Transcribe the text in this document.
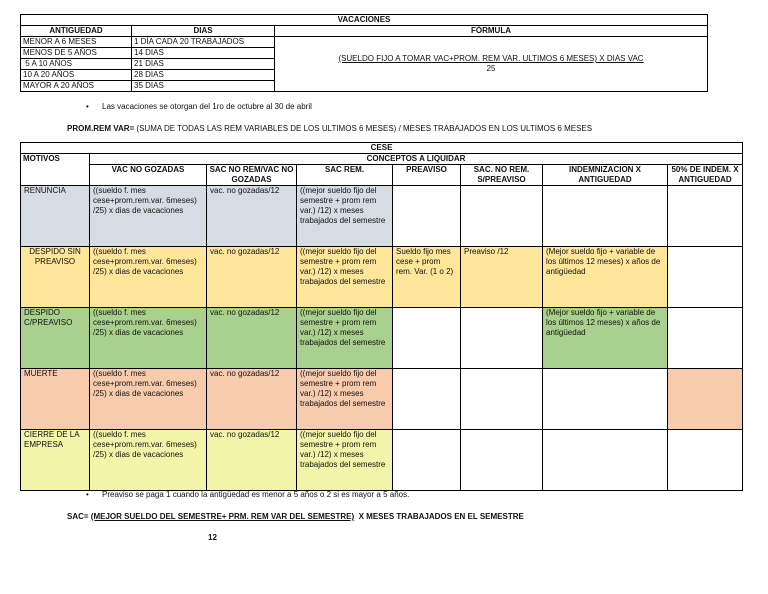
VACACIONES		
ANTIGUEDAD	DIAS	FÓRMULA
MENOR A 6 MESES	1 DÍA CADA 20 TRABAJADOS	(SUELDO FIJO A TOMAR VAC+PROM. REM VAR. ULTIMOS 6 MESES) X DIAS VAC
25
MENOS DE 5 AÑOS	14 DIAS	
5 A 10 AÑOS	21 DIAS	
10 A 20 AÑOS	28 DIAS	
MAYOR A 20 AÑOS	35 DIAS	
• Las vacaciones se otorgan del 1ro de octubre al 30 de abril
PROM.REM VAR= (SUMA DE TODAS LAS REM VARIABLES DE LOS ULTIMOS 6 MESES) / MESES TRABAJADOS EN LOS ULTIMOS 6 MESES
CESE							
MOTIVOS	CONCEPTOS A LIQUIDAR						
	VAC NO GOZADAS	SAC NO REM/VAC NO GOZADAS	SAC REM.	PREAVISO	SAC. NO REM. S/PREAVISO	INDEMNIZACION X ANTIGUEDAD	50% DE INDEM. X ANTIGUEDAD
RENUNCIA	((sueldo f. mes cese+prom.rem.var. 6meses) /25) x dias de vacaciones	vac. no gozadas/12	((mejor sueldo fijo del semestre + prom rem var.) /12) x meses trabajados del semestre				
DESPIDO SIN PREAVISO	((sueldo f. mes cese+prom.rem.var. 6meses) /25) x dias de vacaciones	vac. no gozadas/12	((mejor sueldo fijo del semestre + prom rem var.) /12) x meses trabajados del semestre	Sueldo fijo mes cese + prom rem. Var. (1 o 2)	Preaviso /12	(Mejor sueldo fijo + variable de los últimos 12 meses) x años de antigüedad	
DESPIDO C/PREAVISO	((sueldo f. mes cese+prom.rem.var. 6meses) /25) x dias de vacaciones	vac. no gozadas/12	((mejor sueldo fijo del semestre + prom rem var.) /12) x meses trabajados del semestre			(Mejor sueldo fijo + variable de los últimos 12 meses) x años de antigüedad	
MUERTE	((sueldo f. mes cese+prom.rem.var. 6meses) /25) x dias de vacaciones	vac. no gozadas/12	((mejor sueldo fijo del semestre + prom rem var.) /12) x meses trabajados del semestre				
CIERRE DE LA EMPRESA	((sueldo f. mes cese+prom.rem.var. 6meses) /25) x dias de vacaciones	vac. no gozadas/12	((mejor sueldo fijo del semestre + prom rem var.) /12) x meses trabajados del semestre				
• Preaviso se paga 1 cuando la antigüedad es menor a 5 años o 2 si es mayor a 5 años.
SAC= (MEJOR SUELDO DEL SEMESTRE+ PRM. REM VAR DEL SEMESTRE)  X MESES TRABAJADOS EN EL SEMESTRE
12
